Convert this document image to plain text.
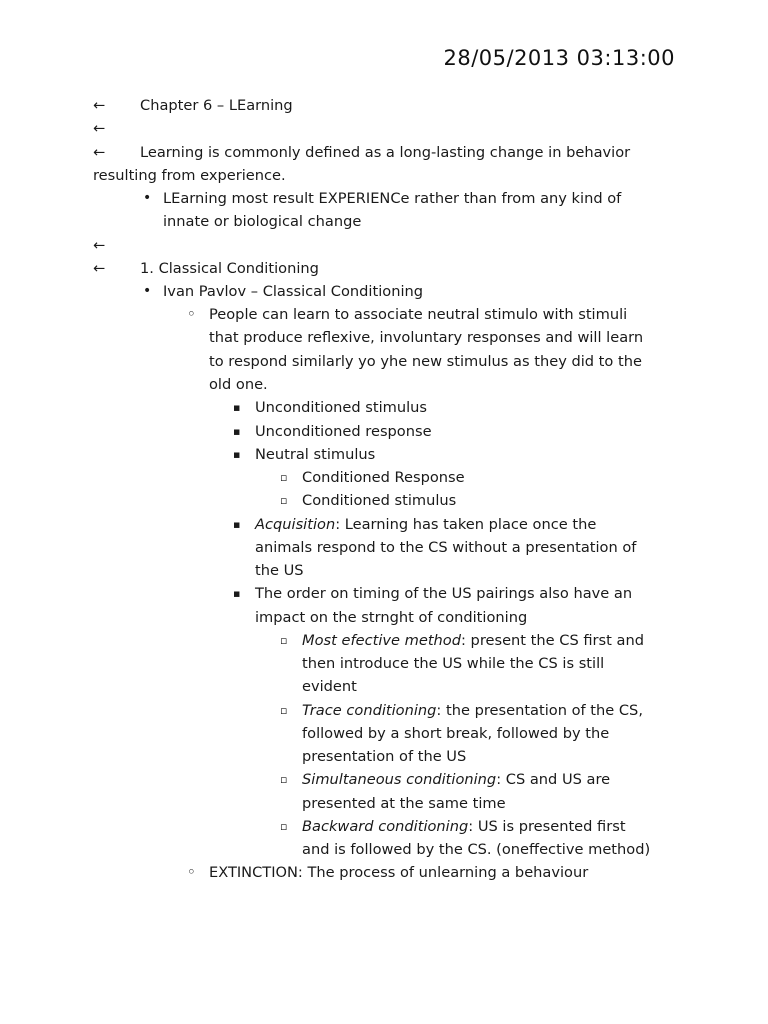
28/05/2013 03:13:00
← Chapter 6 – LEarning
←
← Learning is commonly defined as a long-lasting change in behavior
resulting from experience.
•
LEarning most result EXPERIENCe rather than from any kind of
innate or biological change
←
← 1. Classical Conditioning
•
Ivan Pavlov – Classical Conditioning
◦
People can learn to associate neutral stimulo with stimuli
that produce reflexive, involuntary responses and will learn
to respond similarly yo yhe new stimulus as they did to the
old one.
▪
Unconditioned stimulus
▪
Unconditioned response
▪
Neutral stimulus
▫
Conditioned Response
▫
Conditioned stimulus
▪
Acquisition: Learning has taken place once the
animals respond to the CS without a presentation of
the US
▪
The order on timing of the US pairings also have an
impact on the strnght of conditioning
▫
Most efective method: present the CS first and
then introduce the US while the CS is still
evident
▫
Trace conditioning: the presentation of the CS,
followed by a short break, followed by the
presentation of the US
▫
Simultaneous conditioning: CS and US are
presented at the same time
▫
Backward conditioning: US is presented first
and is followed by the CS. (oneffective method)
◦
EXTINCTION: The process of unlearning a behaviour
